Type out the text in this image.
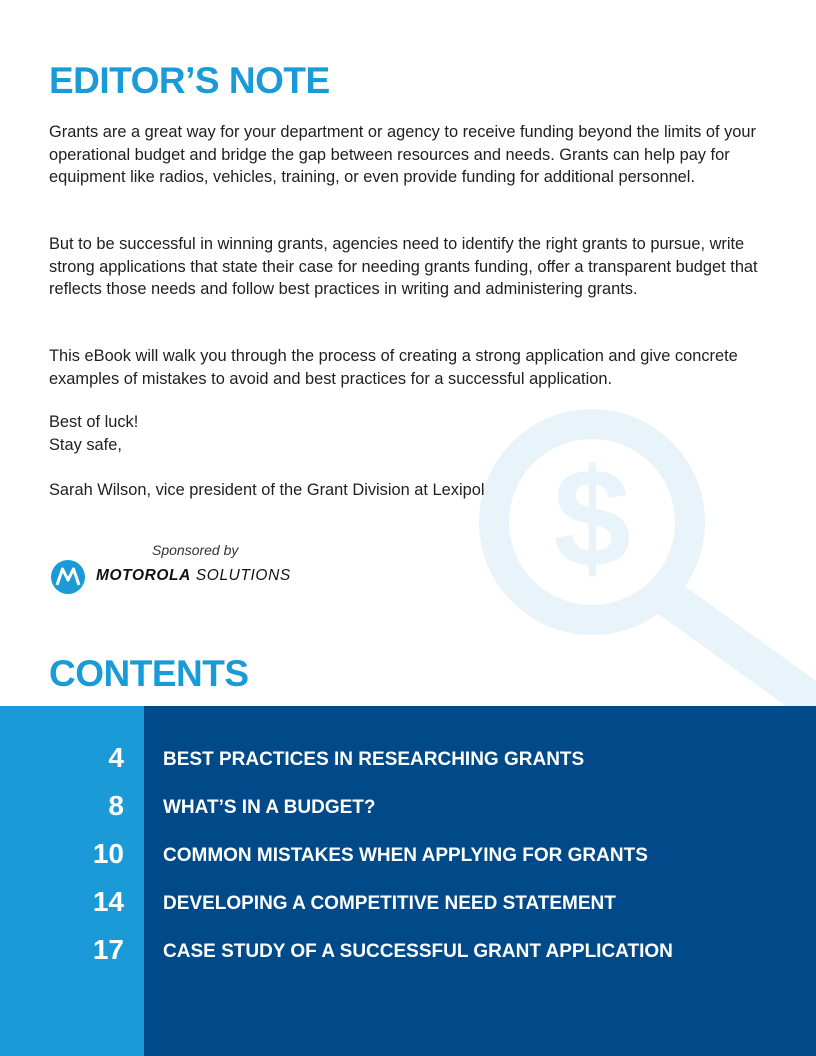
$
EDITOR’S NOTE

Grants are a great way for your department or agency to receive funding beyond the limits of your operational budget and bridge the gap between resources and needs. Grants can help pay for equipment like radios, vehicles, training, or even provide funding for additional personnel.

But to be successful in winning grants, agencies need to identify the right grants to pursue, write strong applications that state their case for needing grants funding, offer a transparent budget that reflects those needs and follow best practices in writing and administering grants.

This eBook will walk you through the process of creating a strong application and give concrete examples of mistakes to avoid and best practices for a successful application.

Best of luck!
Stay safe,

Sarah Wilson, vice president of the Grant Division at Lexipol

Sponsored by

MOTOROLA SOLUTIONS

CONTENTS
4 BEST PRACTICES IN RESEARCHING GRANTS
8 WHAT’S IN A BUDGET?
10 COMMON MISTAKES WHEN APPLYING FOR GRANTS
14 DEVELOPING A COMPETITIVE NEED STATEMENT
17 CASE STUDY OF A SUCCESSFUL GRANT APPLICATION
